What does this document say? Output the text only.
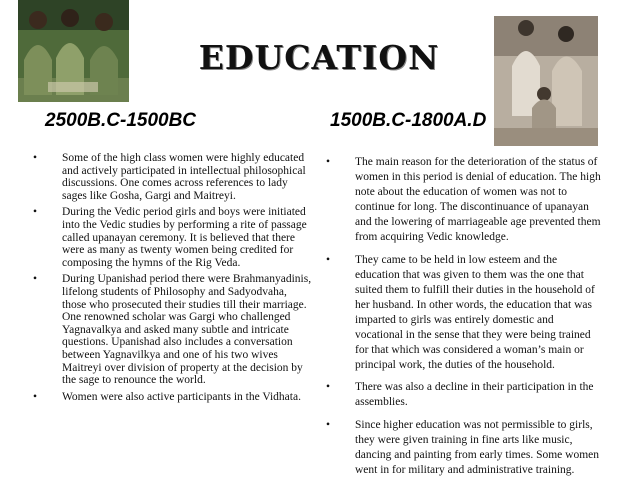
EDUCATION
2500B.C-1500BC	1500B.C-1800A.D
• Some of the high class women were highly educated and actively participated in intellectual philosophical discussions. One comes across references to lady sages like Gosha, Gargi and Maitreyi.
• During the Vedic period girls and boys were initiated into the Vedic studies by performing a rite of passage called upanayan ceremony. It is believed that there were as many as twenty women being credited for composing the hymns of the Rig Veda.
• During Upanishad period there were Brahmanyadinis, lifelong students of Philosophy and Sadyodvaha, those who prosecuted their studies till their marriage. One renowned scholar was Gargi who challenged Yagnavalkya and asked many subtle and intricate questions. Upanishad also includes a conversation between Yagnavilkya and one of his two wives Maitreyi over division of property at the decision by the sage to renounce the world.
• Women were also active participants in the Vidhata.
• The main reason for the deterioration of the status of women in this period is denial of education. The high note about the education of women was not to continue for long. The discontinuance of upanayan and the lowering of marriageable age prevented them from acquiring Vedic knowledge.
• They came to be held in low esteem and the education that was given to them was the one that suited them to fulfill their duties in the household of her husband. In other words, the education that was imparted to girls was entirely domestic and vocational in the sense that they were being trained for that which was considered a woman’s main or principal work, the duties of the household.
• There was also a decline in their participation in the assemblies.
• Since higher education was not permissible to girls, they were given training in fine arts like music, dancing and painting from early times. Some women went in for military and administrative training.
